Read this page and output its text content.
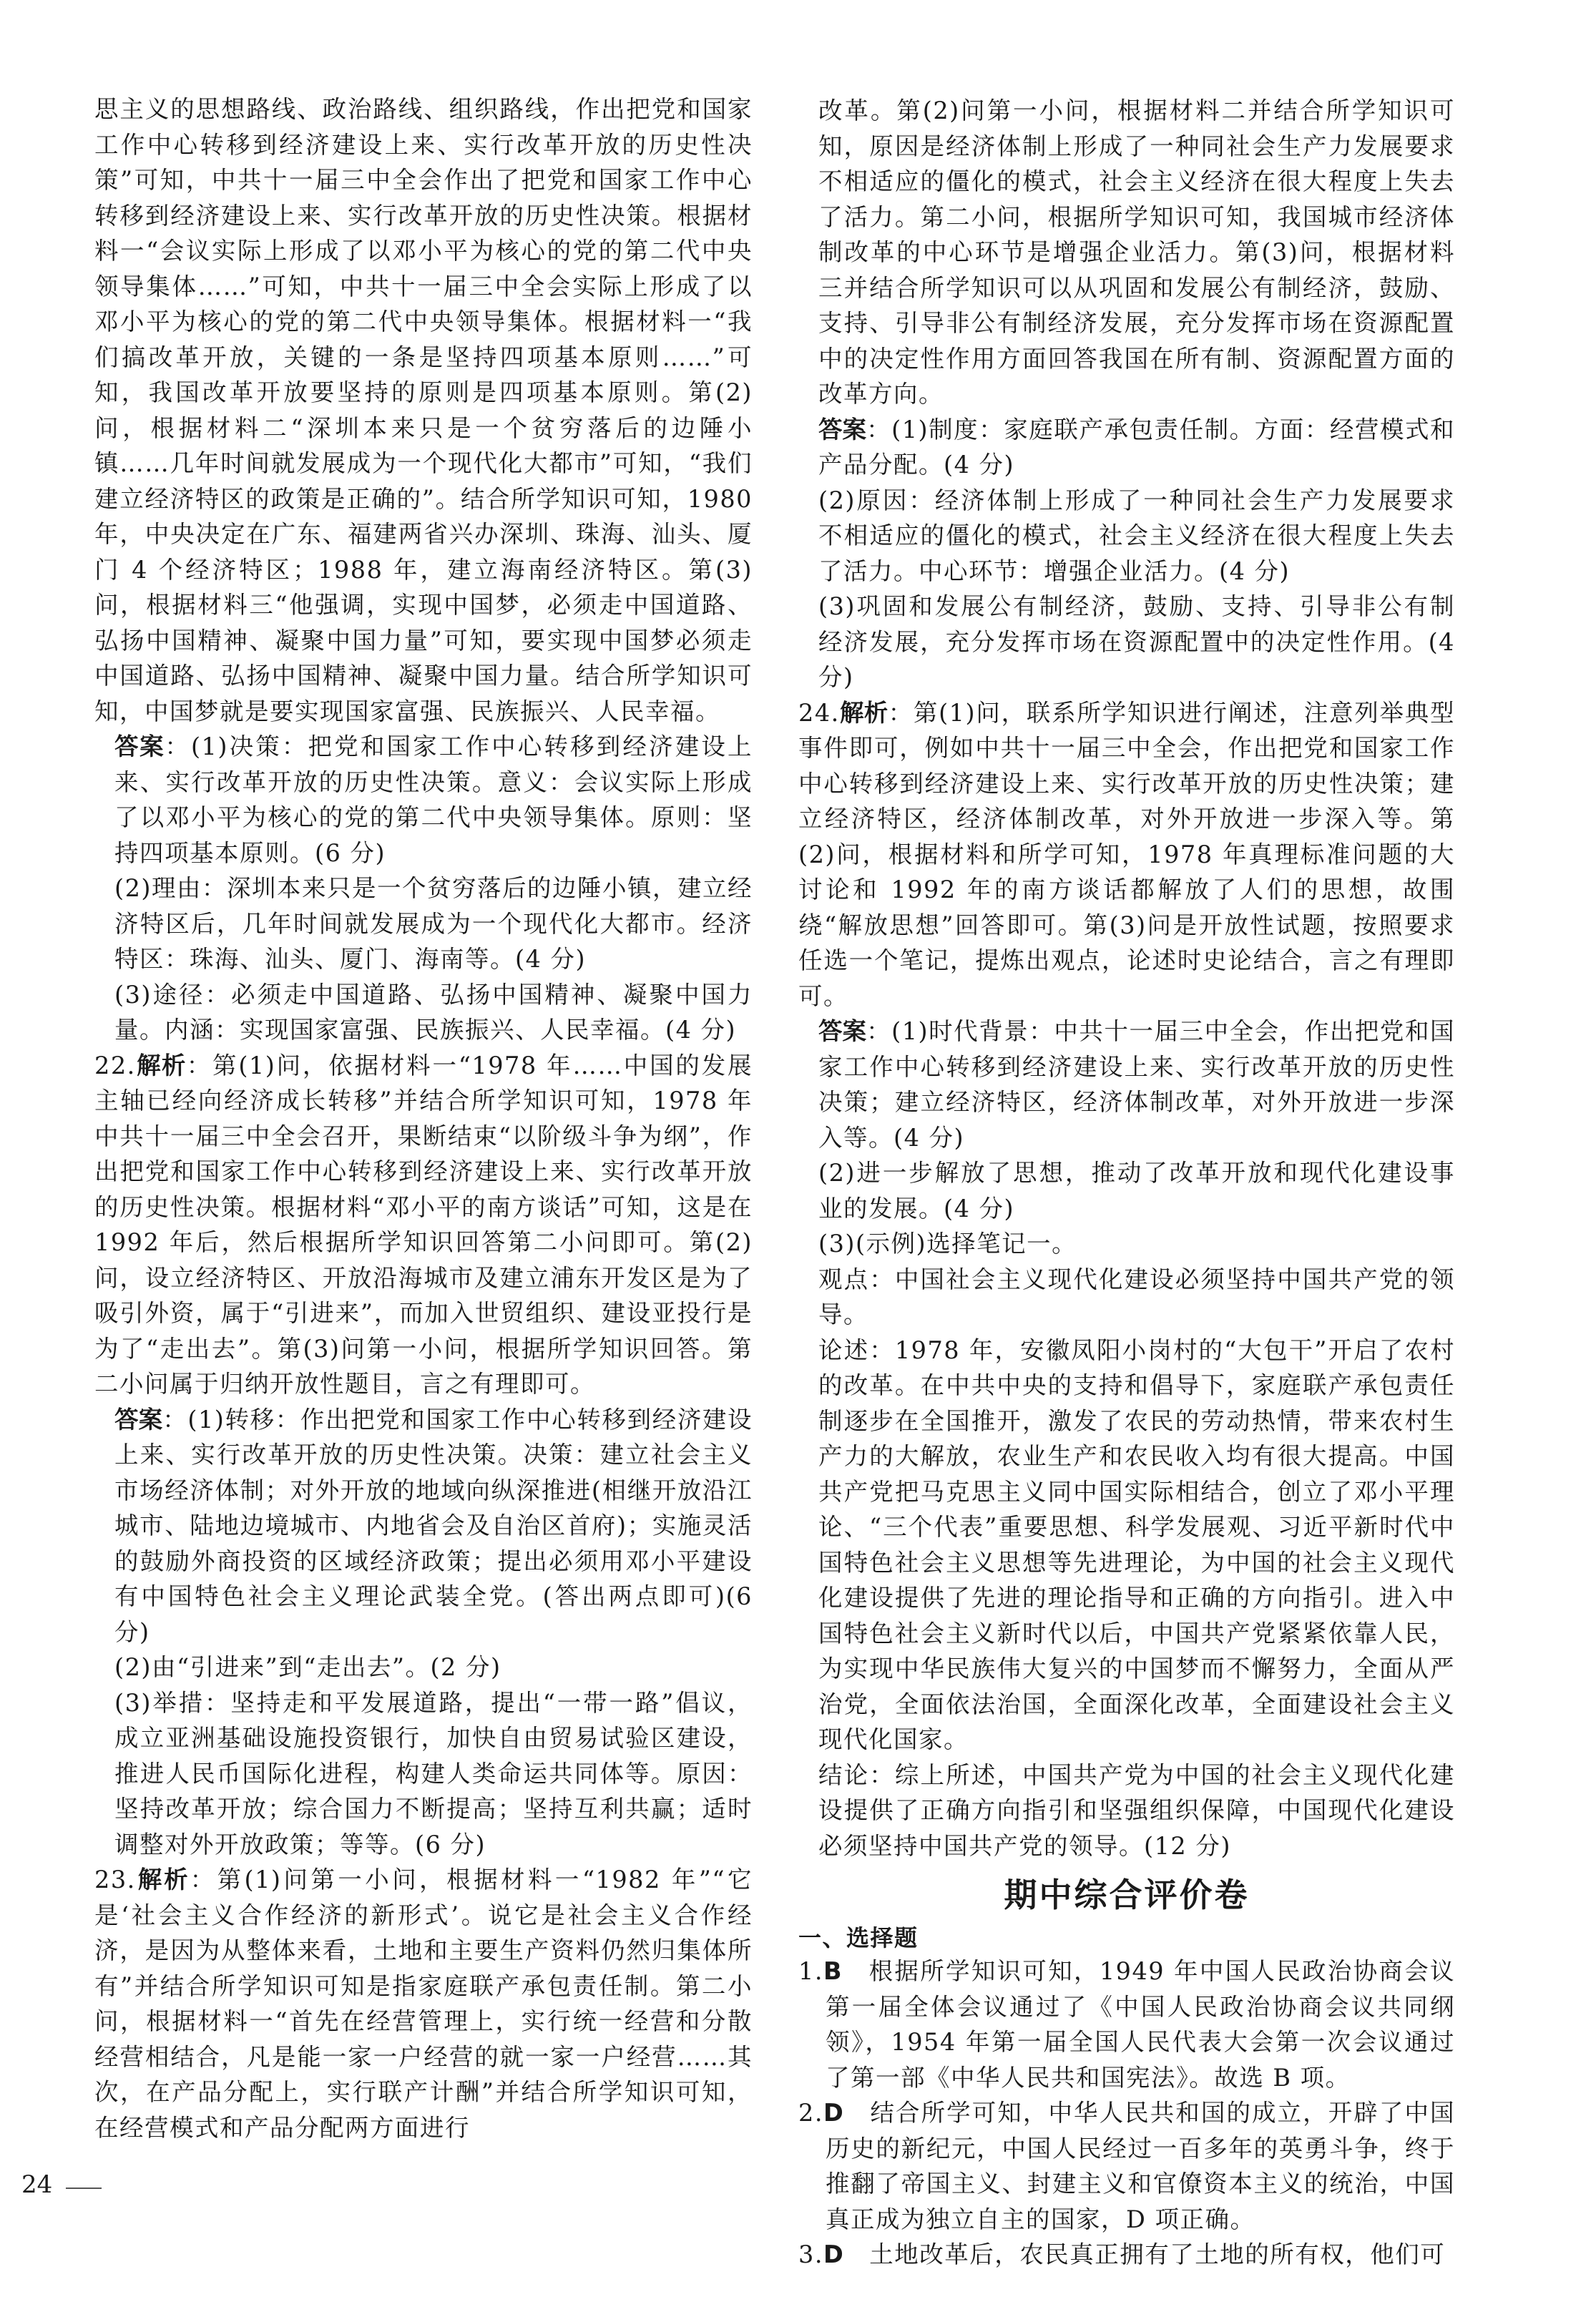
思主义的思想路线、政治路线、组织路线，作出把党和国家工作中心转移到经济建设上来、实行改革开放的历史性决策”可知，中共十一届三中全会作出了把党和国家工作中心转移到经济建设上来、实行改革开放的历史性决策。根据材料一“会议实际上形成了以邓小平为核心的党的第二代中央领导集体……”可知，中共十一届三中全会实际上形成了以邓小平为核心的党的第二代中央领导集体。根据材料一“我们搞改革开放，关键的一条是坚持四项基本原则……”可知，我国改革开放要坚持的原则是四项基本原则。第(2)问，根据材料二“深圳本来只是一个贫穷落后的边陲小镇……几年时间就发展成为一个现代化大都市”可知，“我们建立经济特区的政策是正确的”。结合所学知识可知，1980 年，中央决定在广东、福建两省兴办深圳、珠海、汕头、厦门 4 个经济特区；1988 年，建立海南经济特区。第(3)问，根据材料三“他强调，实现中国梦，必须走中国道路、弘扬中国精神、凝聚中国力量”可知，要实现中国梦必须走中国道路、弘扬中国精神、凝聚中国力量。结合所学知识可知，中国梦就是要实现国家富强、民族振兴、人民幸福。

答案：(1)决策：把党和国家工作中心转移到经济建设上来、实行改革开放的历史性决策。意义：会议实际上形成了以邓小平为核心的党的第二代中央领导集体。原则：坚持四项基本原则。(6 分)

(2)理由：深圳本来只是一个贫穷落后的边陲小镇，建立经济特区后，几年时间就发展成为一个现代化大都市。经济特区：珠海、汕头、厦门、海南等。(4 分)

(3)途径：必须走中国道路、弘扬中国精神、凝聚中国力量。内涵：实现国家富强、民族振兴、人民幸福。(4 分)

22.解析：第(1)问，依据材料一“1978 年……中国的发展主轴已经向经济成长转移”并结合所学知识可知，1978 年中共十一届三中全会召开，果断结束“以阶级斗争为纲”，作出把党和国家工作中心转移到经济建设上来、实行改革开放的历史性决策。根据材料“邓小平的南方谈话”可知，这是在 1992 年后，然后根据所学知识回答第二小问即可。第(2)问，设立经济特区、开放沿海城市及建立浦东开发区是为了吸引外资，属于“引进来”，而加入世贸组织、建设亚投行是为了“走出去”。第(3)问第一小问，根据所学知识回答。第二小问属于归纳开放性题目，言之有理即可。

答案：(1)转移：作出把党和国家工作中心转移到经济建设上来、实行改革开放的历史性决策。决策：建立社会主义市场经济体制；对外开放的地域向纵深推进(相继开放沿江城市、陆地边境城市、内地省会及自治区首府)；实施灵活的鼓励外商投资的区域经济政策；提出必须用邓小平建设有中国特色社会主义理论武装全党。(答出两点即可)(6 分)

(2)由“引进来”到“走出去”。(2 分)

(3)举措：坚持走和平发展道路，提出“一带一路”倡议，成立亚洲基础设施投资银行，加快自由贸易试验区建设，推进人民币国际化进程，构建人类命运共同体等。原因：坚持改革开放；综合国力不断提高；坚持互利共赢；适时调整对外开放政策；等等。(6 分)

23.解析：第(1)问第一小问，根据材料一“1982 年”“它是‘社会主义合作经济的新形式’。说它是社会主义合作经济，是因为从整体来看，土地和主要生产资料仍然归集体所有”并结合所学知识可知是指家庭联产承包责任制。第二小问，根据材料一“首先在经营管理上，实行统一经营和分散经营相结合，凡是能一家一户经营的就一家一户经营……其次，在产品分配上，实行联产计酬”并结合所学知识可知，在经营模式和产品分配两方面进行

改革。第(2)问第一小问，根据材料二并结合所学知识可知，原因是经济体制上形成了一种同社会生产力发展要求不相适应的僵化的模式，社会主义经济在很大程度上失去了活力。第二小问，根据所学知识可知，我国城市经济体制改革的中心环节是增强企业活力。第(3)问，根据材料三并结合所学知识可以从巩固和发展公有制经济，鼓励、支持、引导非公有制经济发展，充分发挥市场在资源配置中的决定性作用方面回答我国在所有制、资源配置方面的改革方向。

答案：(1)制度：家庭联产承包责任制。方面：经营模式和产品分配。(4 分)

(2)原因：经济体制上形成了一种同社会生产力发展要求不相适应的僵化的模式，社会主义经济在很大程度上失去了活力。中心环节：增强企业活力。(4 分)

(3)巩固和发展公有制经济，鼓励、支持、引导非公有制经济发展，充分发挥市场在资源配置中的决定性作用。(4 分)

24.解析：第(1)问，联系所学知识进行阐述，注意列举典型事件即可，例如中共十一届三中全会，作出把党和国家工作中心转移到经济建设上来、实行改革开放的历史性决策；建立经济特区，经济体制改革，对外开放进一步深入等。第(2)问，根据材料和所学可知，1978 年真理标准问题的大讨论和 1992 年的南方谈话都解放了人们的思想，故围绕“解放思想”回答即可。第(3)问是开放性试题，按照要求任选一个笔记，提炼出观点，论述时史论结合，言之有理即可。

答案：(1)时代背景：中共十一届三中全会，作出把党和国家工作中心转移到经济建设上来、实行改革开放的历史性决策；建立经济特区，经济体制改革，对外开放进一步深入等。(4 分)

(2)进一步解放了思想，推动了改革开放和现代化建设事业的发展。(4 分)

(3)(示例)选择笔记一。

观点：中国社会主义现代化建设必须坚持中国共产党的领导。

论述：1978 年，安徽凤阳小岗村的“大包干”开启了农村的改革。在中共中央的支持和倡导下，家庭联产承包责任制逐步在全国推开，激发了农民的劳动热情，带来农村生产力的大解放，农业生产和农民收入均有很大提高。中国共产党把马克思主义同中国实际相结合，创立了邓小平理论、“三个代表”重要思想、科学发展观、习近平新时代中国特色社会主义思想等先进理论，为中国的社会主义现代化建设提供了先进的理论指导和正确的方向指引。进入中国特色社会主义新时代以后，中国共产党紧紧依靠人民，为实现中华民族伟大复兴的中国梦而不懈努力，全面从严治党，全面依法治国，全面深化改革，全面建设社会主义现代化国家。

结论：综上所述，中国共产党为中国的社会主义现代化建设提供了正确方向指引和坚强组织保障，中国现代化建设必须坚持中国共产党的领导。(12 分)

期中综合评价卷

一、选择题

1.B　 根据所学知识可知，1949 年中国人民政治协商会议第一届全体会议通过了《中国人民政治协商会议共同纲领》，1954 年第一届全国人民代表大会第一次会议通过了第一部《中华人民共和国宪法》。故选 B 项。

2.D　 结合所学可知，中华人民共和国的成立，开辟了中国历史的新纪元，中国人民经过一百多年的英勇斗争，终于推翻了帝国主义、封建主义和官僚资本主义的统治，中国真正成为独立自主的国家，D 项正确。

3.D　 土地改革后，农民真正拥有了土地的所有权，他们可

24
